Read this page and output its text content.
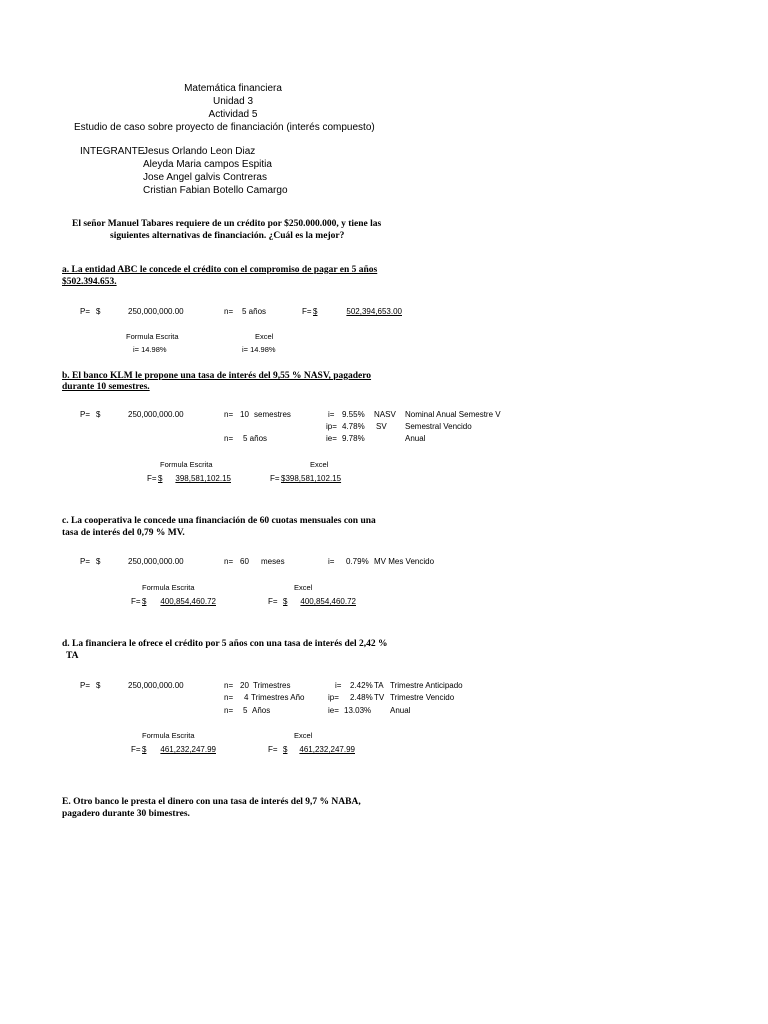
Matemática financiera
Unidad 3
Actividad 5
Estudio de caso sobre proyecto de financiación (interés compuesto)
INTEGRANTE
Jesus Orlando Leon Diaz
Aleyda Maria campos Espitia
Jose Angel galvis Contreras
Cristian Fabian Botello Camargo
El señor Manuel Tabares requiere de un crédito por $250.000.000, y tiene las
siguientes alternativas de financiación. ¿Cuál es la mejor?
a. La entidad ABC le concede el crédito con el compromiso de pagar en 5 años
$502.394.653.
P= $	250,000,000.00	n= 5 años	F= $	502,394,653.00
Formula Escrita	Excel
i= 14.98%	i= 14.98%
b. El banco KLM le propone una tasa de interés del 9,55 % NASV, pagadero
durante 10 semestres.
P= $	250,000,000.00	n= 10 semestres	i= 9.55% NASV Nominal Anual Semestre V
ip= 4.78% SV Semestral Vencido
n= 5 años	ie= 9.78%	Anual
Formula Escrita	Excel
F= $	398,581,102.15	F= $398,581,102.15
c. La cooperativa le concede una financiación de 60 cuotas mensuales con una
tasa de interés del 0,79 % MV.
P= $	250,000,000.00	n= 60 meses	i= 0.79% MV Mes Vencido
Formula Escrita	Excel
F= $	400,854,460.72	F= $	400,854,460.72
d. La financiera le ofrece el crédito por 5 años con una tasa de interés del 2,42 %
TA
P= $	250,000,000.00	n= 20 Trimestres	i= 2.42% TA Trimestre Anticipado
n= 4 Trimestres Año	ip= 2.48% TV Trimestre Vencido
n= 5 Años	ie= 13.03% Anual
Formula Escrita	Excel
F= $	461,232,247.99	F= $	461,232,247.99
E. Otro banco le presta el dinero con una tasa de interés del 9,7 % NABA,
pagadero durante 30 bimestres.
